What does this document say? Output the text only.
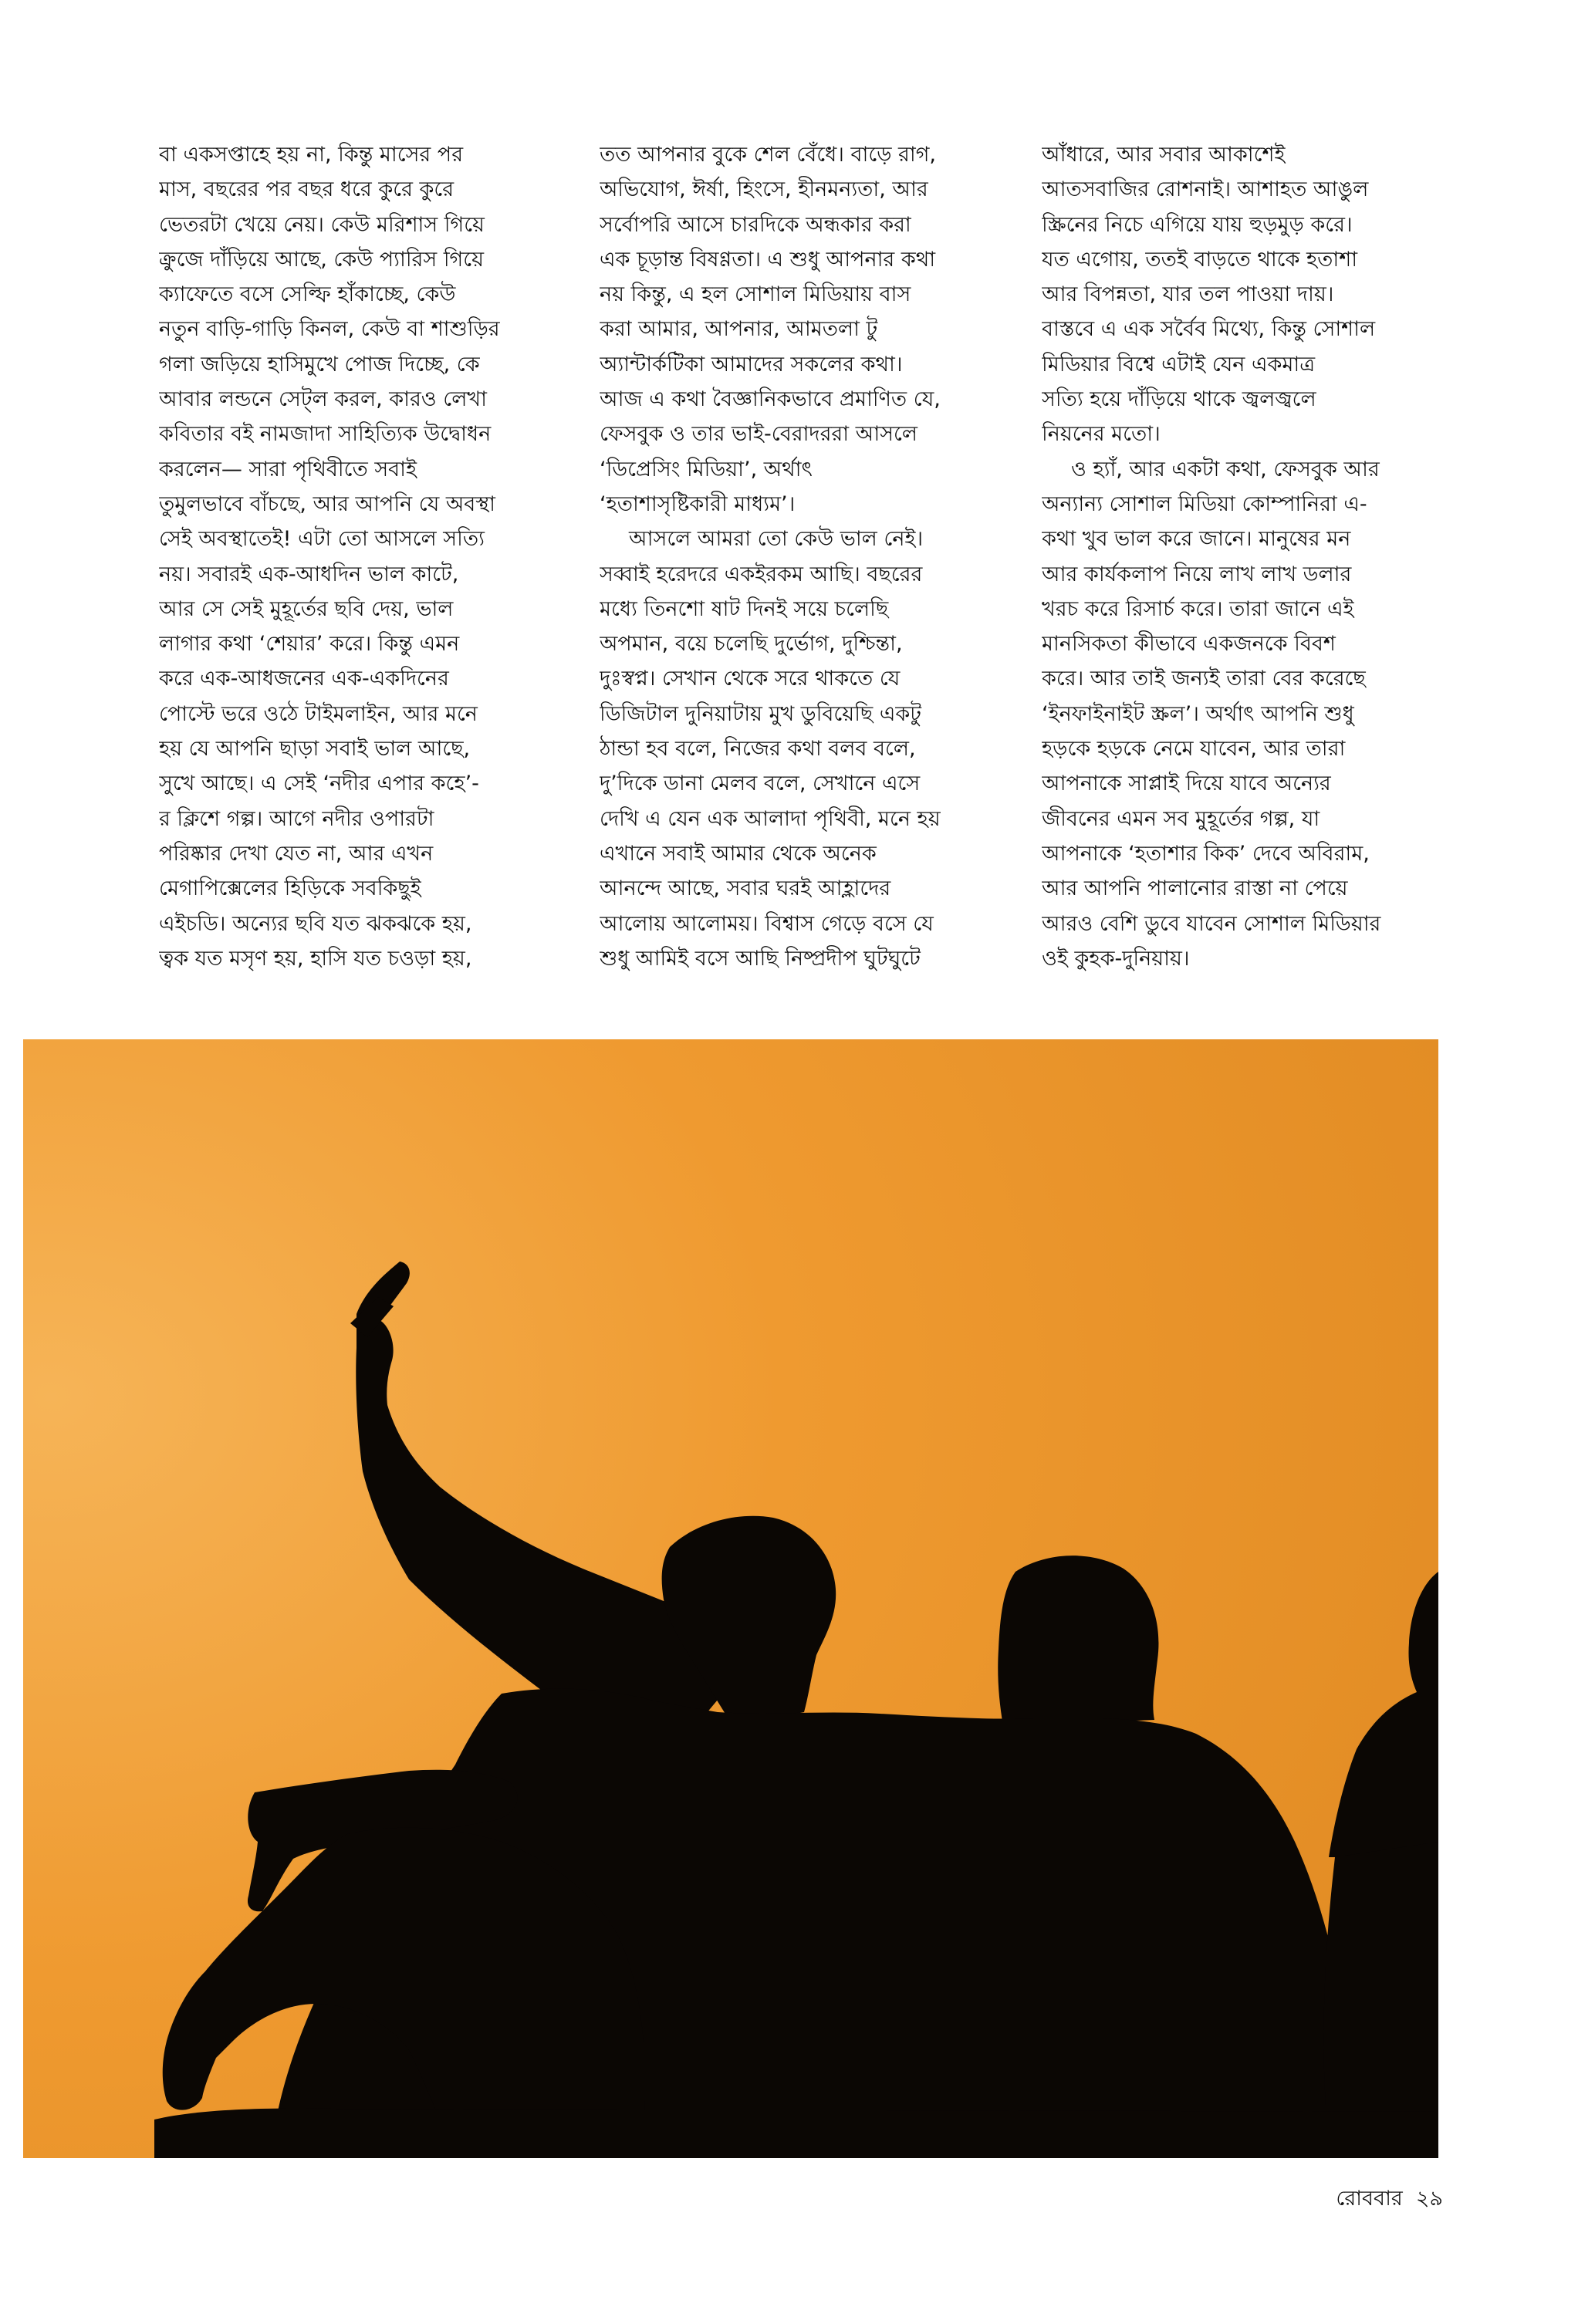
বা একসপ্তাহে হয় না, কিন্তু মাসের পর
মাস, বছরের পর বছর ধরে কুরে কুরে
ভেতরটা খেয়ে নেয়। কেউ মরিশাস গিয়ে
ক্রুজে দাঁড়িয়ে আছে, কেউ প্যারিস গিয়ে
ক্যাফেতে বসে সেল্ফি হাঁকাচ্ছে, কেউ
নতুন বাড়ি-গাড়ি কিনল, কেউ বা শাশুড়ির
গলা জড়িয়ে হাসিমুখে পোজ দিচ্ছে, কে
আবার লন্ডনে সেট্‌ল করল, কারও লেখা
কবিতার বই নামজাদা সাহিত্যিক উদ্বোধন
করলেন— সারা পৃথিবীতে সবাই
তুমুলভাবে বাঁচছে, আর আপনি যে অবস্থা
সেই অবস্থাতেই! এটা তো আসলে সত্যি
নয়। সবারই এক-আধদিন ভাল কাটে,
আর সে সেই মুহূর্তের ছবি দেয়, ভাল
লাগার কথা ‘শেয়ার’ করে। কিন্তু এমন
করে এক-আধজনের এক-একদিনের
পোস্টে ভরে ওঠে টাইমলাইন, আর মনে
হয় যে আপনি ছাড়া সবাই ভাল আছে,
সুখে আছে। এ সেই ‘নদীর এপার কহে’-
র ক্লিশে গল্প। আগে নদীর ওপারটা
পরিষ্কার দেখা যেত না, আর এখন
মেগাপিক্সেলের হিড়িকে সবকিছুই
এইচডি। অন্যের ছবি যত ঝকঝকে হয়,
ত্বক যত মসৃণ হয়, হাসি যত চওড়া হয়,
তত আপনার বুকে শেল বেঁধে। বাড়ে রাগ,
অভিযোগ, ঈর্ষা, হিংসে, হীনমন্যতা, আর
সর্বোপরি আসে চারদিকে অন্ধকার করা
এক চূড়ান্ত বিষণ্ণতা। এ শুধু আপনার কথা
নয় কিন্তু, এ হল সোশাল মিডিয়ায় বাস
করা আমার, আপনার, আমতলা টু
অ্যান্টার্কটিকা আমাদের সকলের কথা।
আজ এ কথা বৈজ্ঞানিকভাবে প্রমাণিত যে,
ফেসবুক ও তার ভাই-বেরাদররা আসলে
‘ডিপ্রেসিং মিডিয়া’, অর্থাৎ
‘হতাশাসৃষ্টিকারী মাধ্যম’।
আসলে আমরা তো কেউ ভাল নেই।
সব্বাই হরেদরে একইরকম আছি। বছরের
মধ্যে তিনশো ষাট দিনই সয়ে চলেছি
অপমান, বয়ে চলেছি দুর্ভোগ, দুশ্চিন্তা,
দুঃস্বপ্ন। সেখান থেকে সরে থাকতে যে
ডিজিটাল দুনিয়াটায় মুখ ডুবিয়েছি একটু
ঠান্ডা হব বলে, নিজের কথা বলব বলে,
দু’দিকে ডানা মেলব বলে, সেখানে এসে
দেখি এ যেন এক আলাদা পৃথিবী, মনে হয়
এখানে সবাই আমার থেকে অনেক
আনন্দে আছে, সবার ঘরই আহ্লাদের
আলোয় আলোময়। বিশ্বাস গেড়ে বসে যে
শুধু আমিই বসে আছি নিষ্প্রদীপ ঘুটঘুটে
আঁধারে, আর সবার আকাশেই
আতসবাজির রোশনাই। আশাহত আঙুল
স্ক্রিনের নিচে এগিয়ে যায় হুড়মুড় করে।
যত এগোয়, ততই বাড়তে থাকে হতাশা
আর বিপন্নতা, যার তল পাওয়া দায়।
বাস্তবে এ এক সর্বৈব মিথ্যে, কিন্তু সোশাল
মিডিয়ার বিশ্বে এটাই যেন একমাত্র
সত্যি হয়ে দাঁড়িয়ে থাকে জ্বলজ্বলে
নিয়নের মতো।
ও হ্যাঁ, আর একটা কথা, ফেসবুক আর
অন্যান্য সোশাল মিডিয়া কোম্পানিরা এ-
কথা খুব ভাল করে জানে। মানুষের মন
আর কার্যকলাপ নিয়ে লাখ লাখ ডলার
খরচ করে রিসার্চ করে। তারা জানে এই
মানসিকতা কীভাবে একজনকে বিবশ
করে। আর তাই জন্যই তারা বের করেছে
‘ইনফাইনাইট স্ক্রল’। অর্থাৎ আপনি শুধু
হড়কে হড়কে নেমে যাবেন, আর তারা
আপনাকে সাপ্লাই দিয়ে যাবে অন্যের
জীবনের এমন সব মুহূর্তের গল্প, যা
আপনাকে ‘হতাশার কিক’ দেবে অবিরাম,
আর আপনি পালানোর রাস্তা না পেয়ে
আরও বেশি ডুবে যাবেন সোশাল মিডিয়ার
ওই কুহক-দুনিয়ায়।
রোববার ২৯
